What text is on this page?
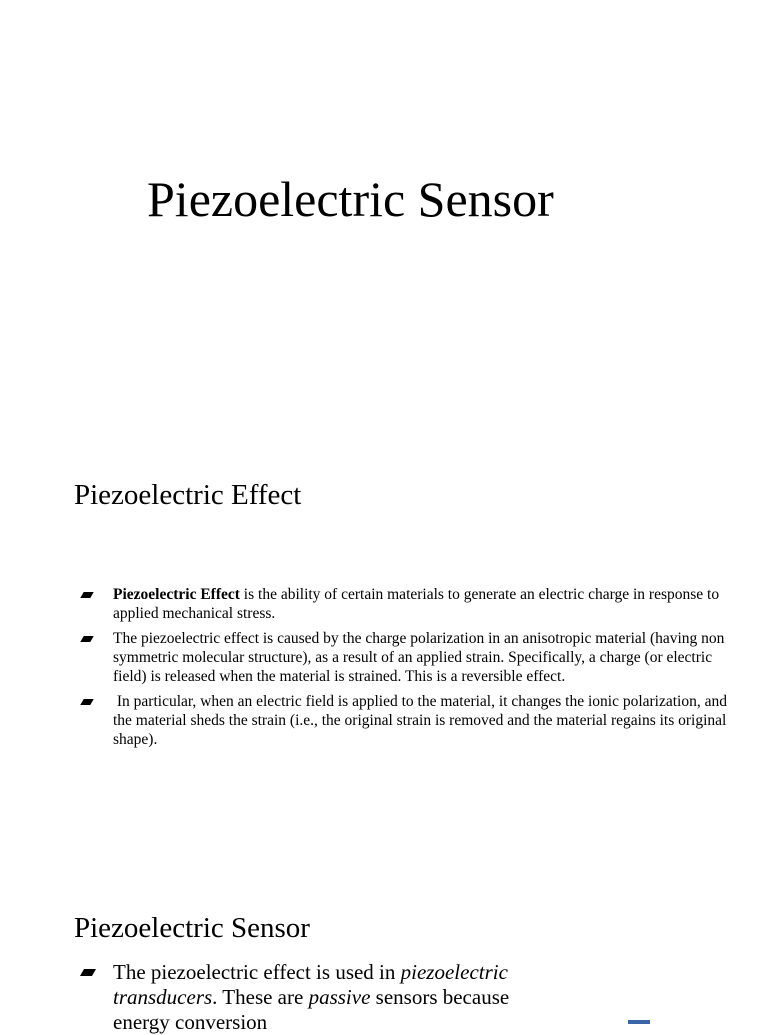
Piezoelectric Sensor
Piezoelectric Effect
Piezoelectric Effect is the ability of certain materials to generate an electric charge in response to applied mechanical stress.
The piezoelectric effect is caused by the charge polarization in an anisotropic material (having non symmetric molecular structure), as a result of an applied strain. Specifically, a charge (or electric field) is released when the material is strained. This is a reversible effect.
In particular, when an electric field is applied to the material, it changes the ionic polarization, and the material sheds the strain (i.e., the original strain is removed and the material regains its original shape).
Piezoelectric Sensor
The piezoelectric effect is used in piezoelectric transducers. These are passive sensors because energy conversion
